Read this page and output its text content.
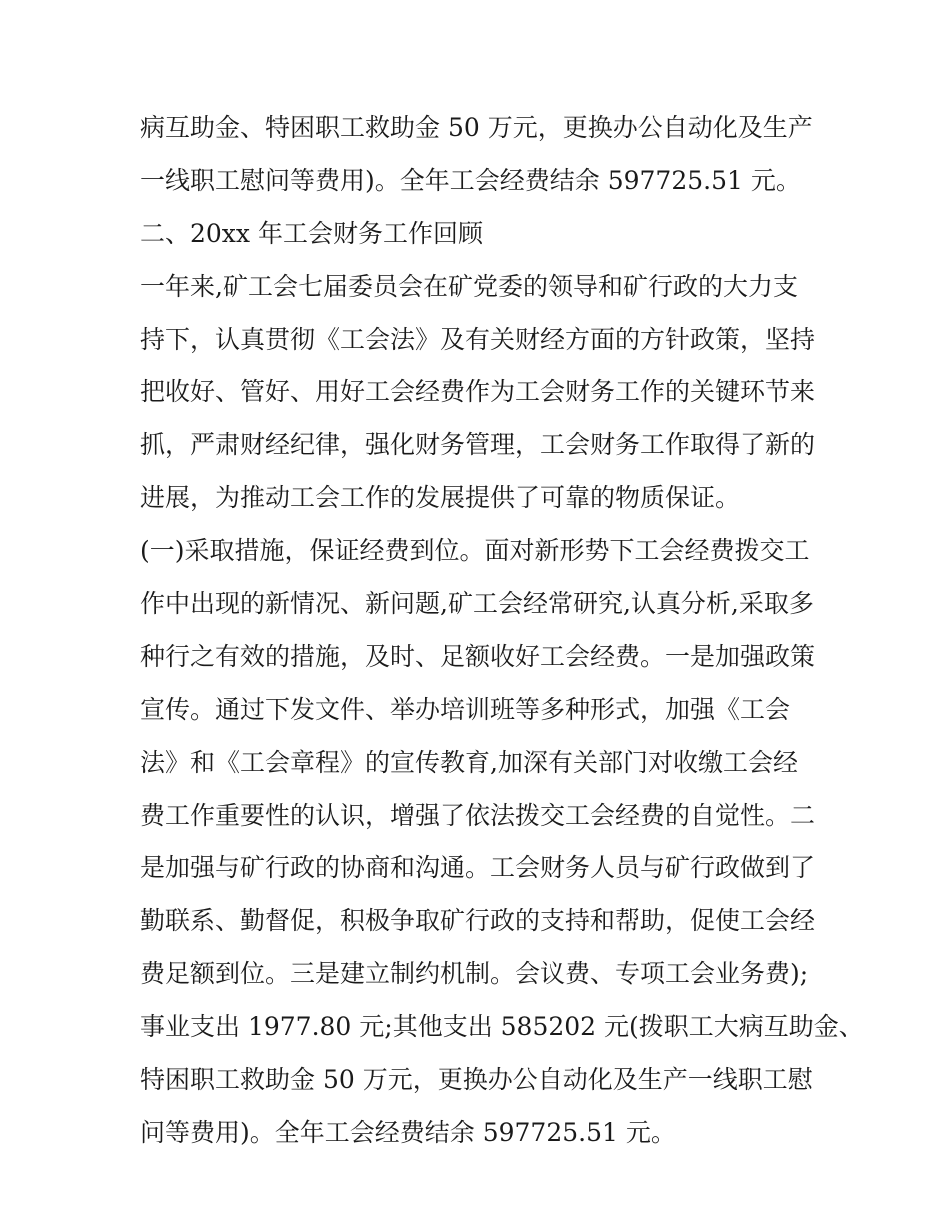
病互助金、特困职工救助金 50 万元，更换办公自动化及生产
一线职工慰问等费用)。全年工会经费结余 597725.51 元。
二、20xx 年工会财务工作回顾
一年来,矿工会七届委员会在矿党委的领导和矿行政的大力支
持下，认真贯彻《工会法》及有关财经方面的方针政策，坚持
把收好、管好、用好工会经费作为工会财务工作的关键环节来
抓，严肃财经纪律，强化财务管理，工会财务工作取得了新的
进展，为推动工会工作的发展提供了可靠的物质保证。
(一)采取措施，保证经费到位。面对新形势下工会经费拨交工
作中出现的新情况、新问题,矿工会经常研究,认真分析,采取多
种行之有效的措施，及时、足额收好工会经费。一是加强政策
宣传。通过下发文件、举办培训班等多种形式，加强《工会
法》和《工会章程》的宣传教育,加深有关部门对收缴工会经
费工作重要性的认识，增强了依法拨交工会经费的自觉性。二
是加强与矿行政的协商和沟通。工会财务人员与矿行政做到了
勤联系、勤督促，积极争取矿行政的支持和帮助，促使工会经
费足额到位。三是建立制约机制。会议费、专项工会业务费);
事业支出 1977.80 元;其他支出 585202 元(拨职工大病互助金、
特困职工救助金 50 万元，更换办公自动化及生产一线职工慰
问等费用)。全年工会经费结余 597725.51 元。
